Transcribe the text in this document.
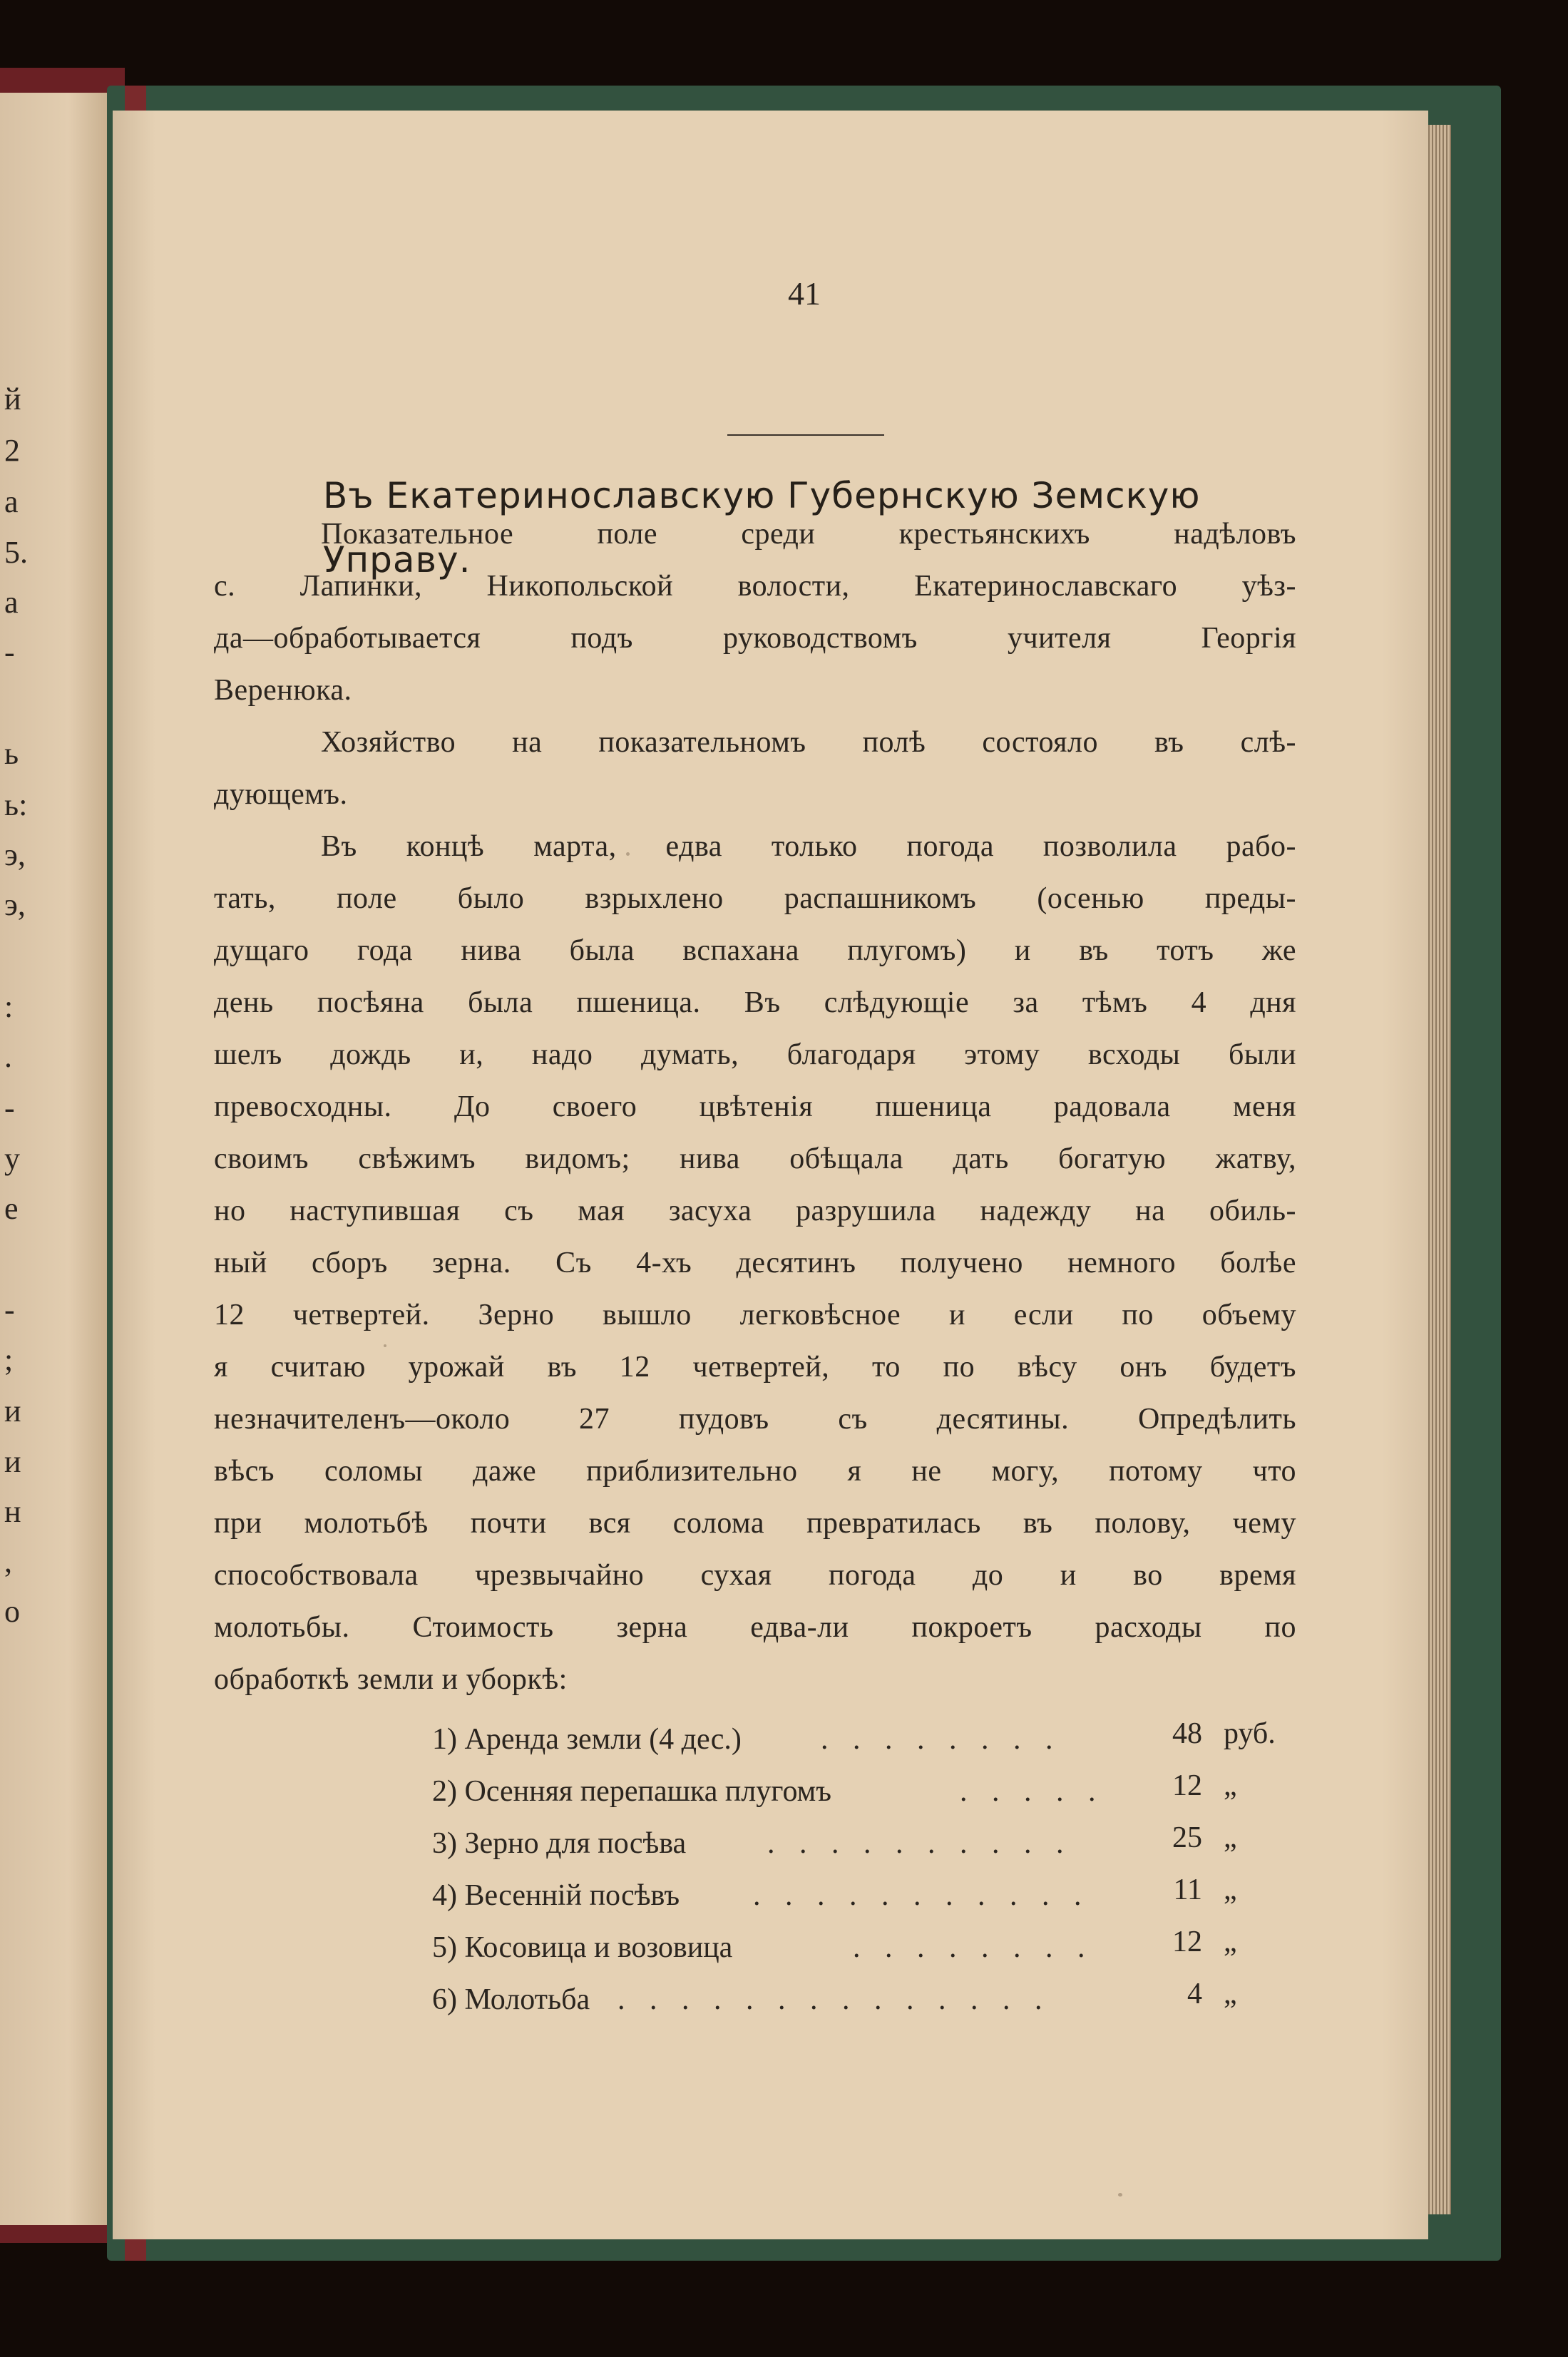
й
2
а
5.
а
-
ь
ь:
э,
э,
:
.
-
у
е
-
;
и
и
н
,
о
41
Въ Екатеринославскую Губернскую Земскую Управу.
Показательное поле среди крестьянскихъ надѣловъ
с. Лапинки, Никопольской волости, Екатеринославскаго уѣз-
да—обработывается подъ руководствомъ учителя Георгія
Веренюка.
Хозяйство на показательномъ полѣ состояло въ слѣ-
дующемъ.
Въ концѣ марта, едва только погода позволила рабо-
тать, поле было взрыхлено распашникомъ (осенью преды-
дущаго года нива была вспахана плугомъ) и въ тотъ же
день посѣяна была пшеница. Въ слѣдующіе за тѣмъ 4 дня
шелъ дождь и, надо думать, благодаря этому всходы были
превосходны. До своего цвѣтенія пшеница радовала меня
своимъ свѣжимъ видомъ; нива обѣщала дать богатую жатву,
но наступившая съ мая засуха разрушила надежду на обиль-
ный сборъ зерна. Съ 4-хъ десятинъ получено немного болѣе
12 четвертей. Зерно вышло легковѣсное и если по объему
я считаю урожай въ 12 четвертей, то по вѣсу онъ будетъ
незначителенъ—около 27 пудовъ съ десятины. Опредѣлить
вѣсъ соломы даже приблизительно я не могу, потому что
при молотьбѣ почти вся солома превратилась въ полову, чему
способствовала чрезвычайно сухая погода до и во время
молотьбы. Стоимость зерна едва-ли покроетъ расходы по
обработкѣ земли и уборкѣ:
1) Аренда земли (4 дес.)	. . . . . . . .	48 руб.
2) Осенняя перепашка плугомъ	. . . . .	12 „
3) Зерно для посѣва	. . . . . . . . . .	25 „
4) Весенній посѣвъ . . . . . . . . . . .	11 „
5) Косовица и возовица	. . . . . . . .	12 „
6) Молотьба . . . . . . . . . . . . . .	4 „
